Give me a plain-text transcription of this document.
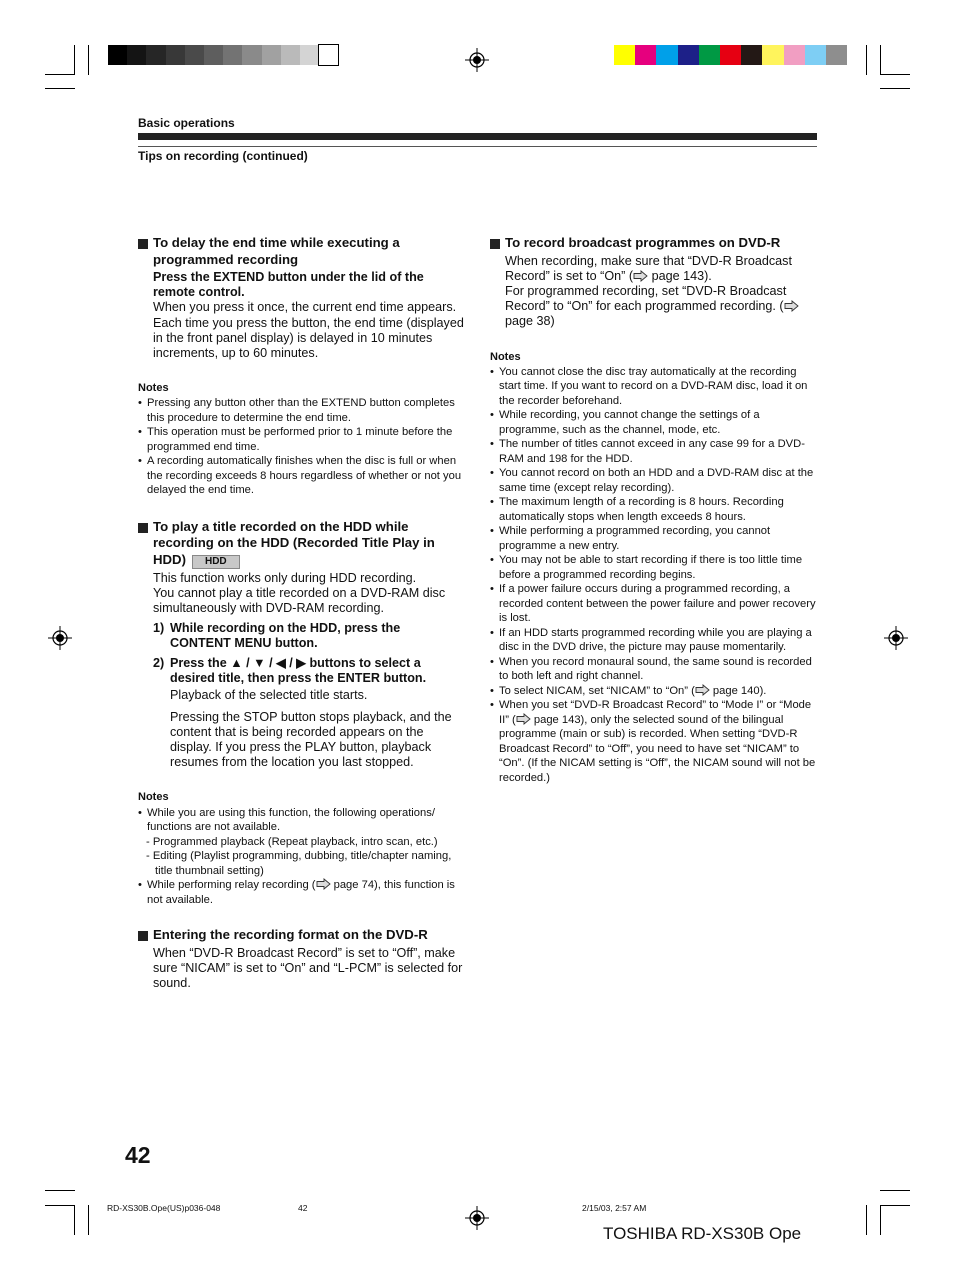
Basic operations
Tips on recording (continued)
To delay the end time while executing a programmed recording
Press the EXTEND button under the lid of the remote control.
When you press it once, the current end time appears. Each time you press the button, the end time (displayed in the front panel display) is delayed in 10 minutes increments, up to 60 minutes.
Notes
• Pressing any button other than the EXTEND button completes this procedure to determine the end time.
• This operation must be performed prior to 1 minute before the programmed end time.
• A recording automatically finishes when the disc is full or when the recording exceeds 8 hours regardless of whether or not you delayed the end time.
To play a title recorded on the HDD while recording on the HDD (Recorded Title Play in HDD) HDD
This function works only during HDD recording.
You cannot play a title recorded on a DVD-RAM disc simultaneously with DVD-RAM recording.
1) While recording on the HDD, press the CONTENT MENU button.
2) Press the ▲ / ▼ / ◀ / ▶ buttons to select a desired title, then press the ENTER button.
Playback of the selected title starts.
Pressing the STOP button stops playback, and the content that is being recorded appears on the display. If you press the PLAY button, playback resumes from the location you last stopped.
Notes
• While you are using this function, the following operations/ functions are not available.
- Programmed playback (Repeat playback, intro scan, etc.)
- Editing (Playlist programming, dubbing, title/chapter naming, title thumbnail setting)
• While performing relay recording ( page 74), this function is not available.
Entering the recording format on the DVD-R
When “DVD-R Broadcast Record” is set to “Off”, make sure “NICAM” is set to “On” and “L-PCM” is selected for sound.
To record broadcast programmes on DVD-R
When recording, make sure that “DVD-R Broadcast Record” is set to “On” ( page 143).
For programmed recording, set “DVD-R Broadcast Record” to “On” for each programmed recording. ( page 38)
Notes
• You cannot close the disc tray automatically at the recording start time. If you want to record on a DVD-RAM disc, load it on the recorder beforehand.
• While recording, you cannot change the settings of a programme, such as the channel, mode, etc.
• The number of titles cannot exceed in any case 99 for a DVD-RAM and 198 for the HDD.
• You cannot record on both an HDD and a DVD-RAM disc at the same time (except relay recording).
• The maximum length of a recording is 8 hours. Recording automatically stops when length exceeds 8 hours.
• While performing a programmed recording, you cannot programme a new entry.
• You may not be able to start recording if there is too little time before a programmed recording begins.
• If a power failure occurs during a programmed recording, a recorded content between the power failure and power recovery is lost.
• If an HDD starts programmed recording while you are playing a disc in the DVD drive, the picture may pause momentarily.
• When you record monaural sound, the same sound is recorded to both left and right channel.
• To select NICAM, set “NICAM” to “On” ( page 140).
• When you set “DVD-R Broadcast Record” to “Mode I” or “Mode II” ( page 143), only the selected sound of the bilingual programme (main or sub) is recorded. When setting “DVD-R Broadcast Record” to “Off”, you need to have set “NICAM” to “On”. (If the NICAM setting is “Off”, the NICAM sound will not be recorded.)
42
RD-XS30B.Ope(US)p036-048	42	2/15/03, 2:57 AM
TOSHIBA RD-XS30B Ope
